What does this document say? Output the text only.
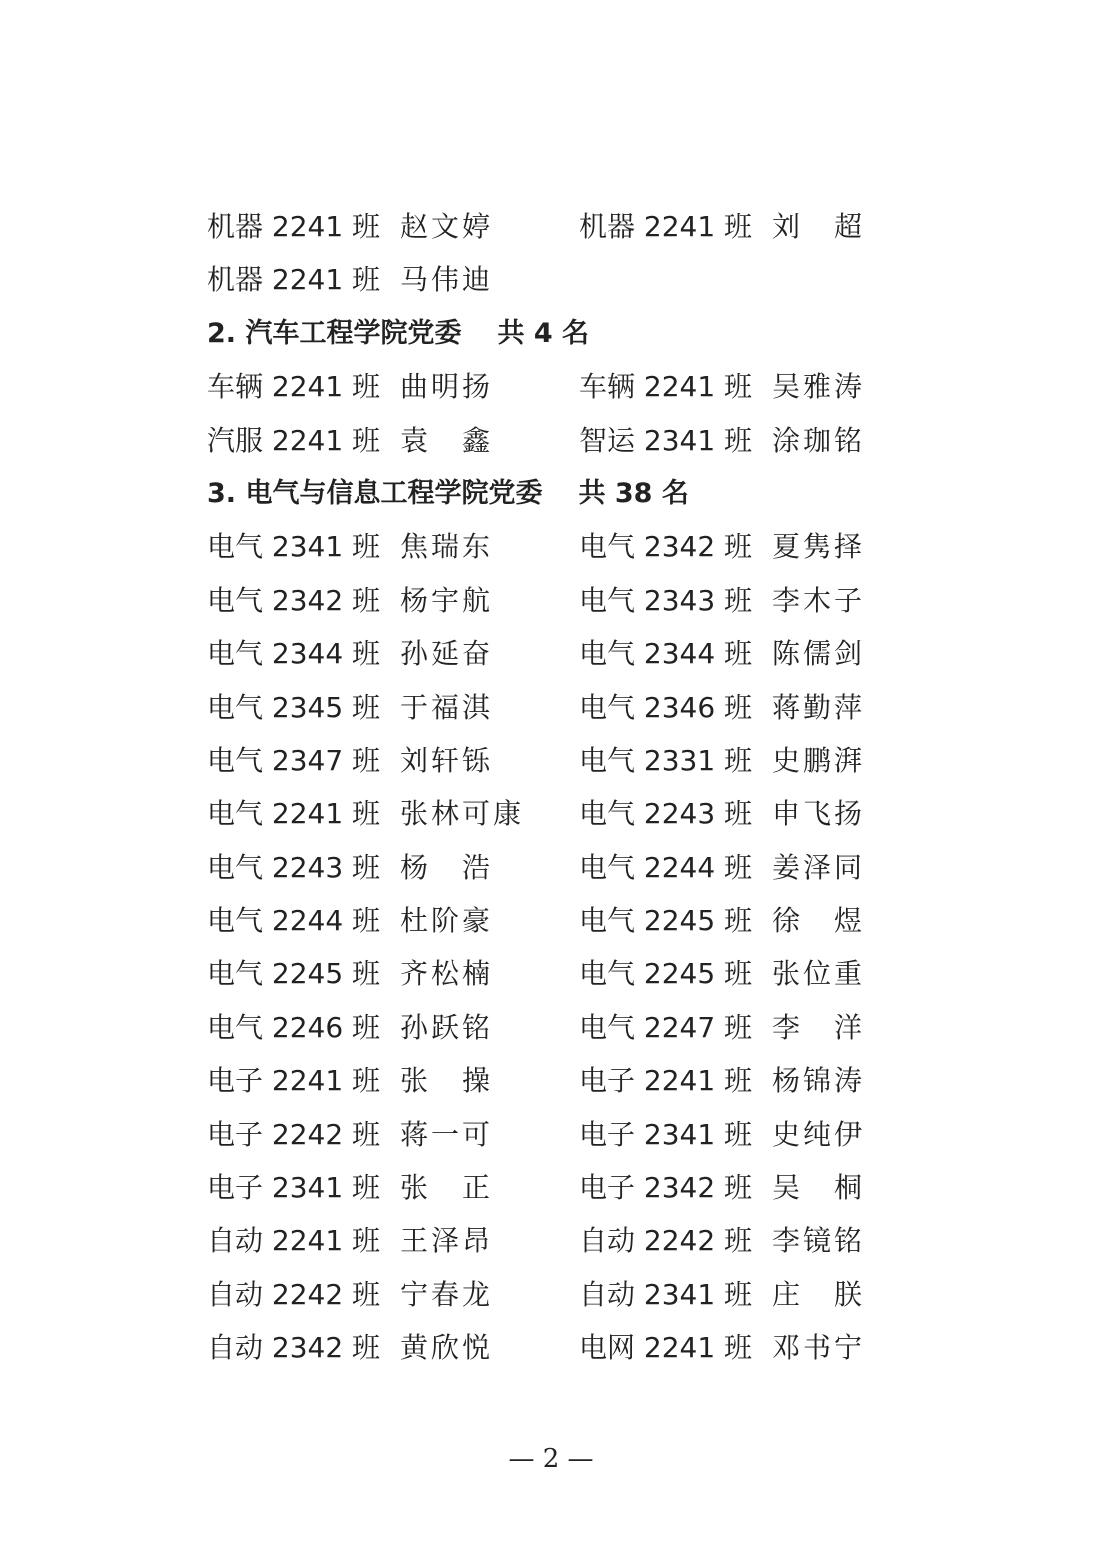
机器 2241 班 赵文婷	机器 2241 班 刘　超
机器 2241 班 马伟迪
2. 汽车工程学院党委 共 4 名
车辆 2241 班 曲明扬	车辆 2241 班 吴雅涛
汽服 2241 班 袁　鑫	智运 2341 班 涂珈铭
3. 电气与信息工程学院党委 共 38 名
电气 2341 班 焦瑞东	电气 2342 班 夏隽择
电气 2342 班 杨宇航	电气 2343 班 李木子
电气 2344 班 孙延奋	电气 2344 班 陈儒剑
电气 2345 班 于福淇	电气 2346 班 蒋勤萍
电气 2347 班 刘轩铄	电气 2331 班 史鹏湃
电气 2241 班 张林可康 电气 2243 班 申飞扬
电气 2243 班 杨　浩	电气 2244 班 姜泽同
电气 2244 班 杜阶豪	电气 2245 班 徐　煜
电气 2245 班 齐松楠	电气 2245 班 张位重
电气 2246 班 孙跃铭	电气 2247 班 李　洋
电子 2241 班 张　操	电子 2241 班 杨锦涛
电子 2242 班 蒋一可	电子 2341 班 史纯伊
电子 2341 班 张　正	电子 2342 班 吴　桐
自动 2241 班 王泽昂	自动 2242 班 李镜铭
自动 2242 班 宁春龙	自动 2341 班 庄　朕
自动 2342 班 黄欣悦	电网 2241 班 邓书宁
— 2 —
